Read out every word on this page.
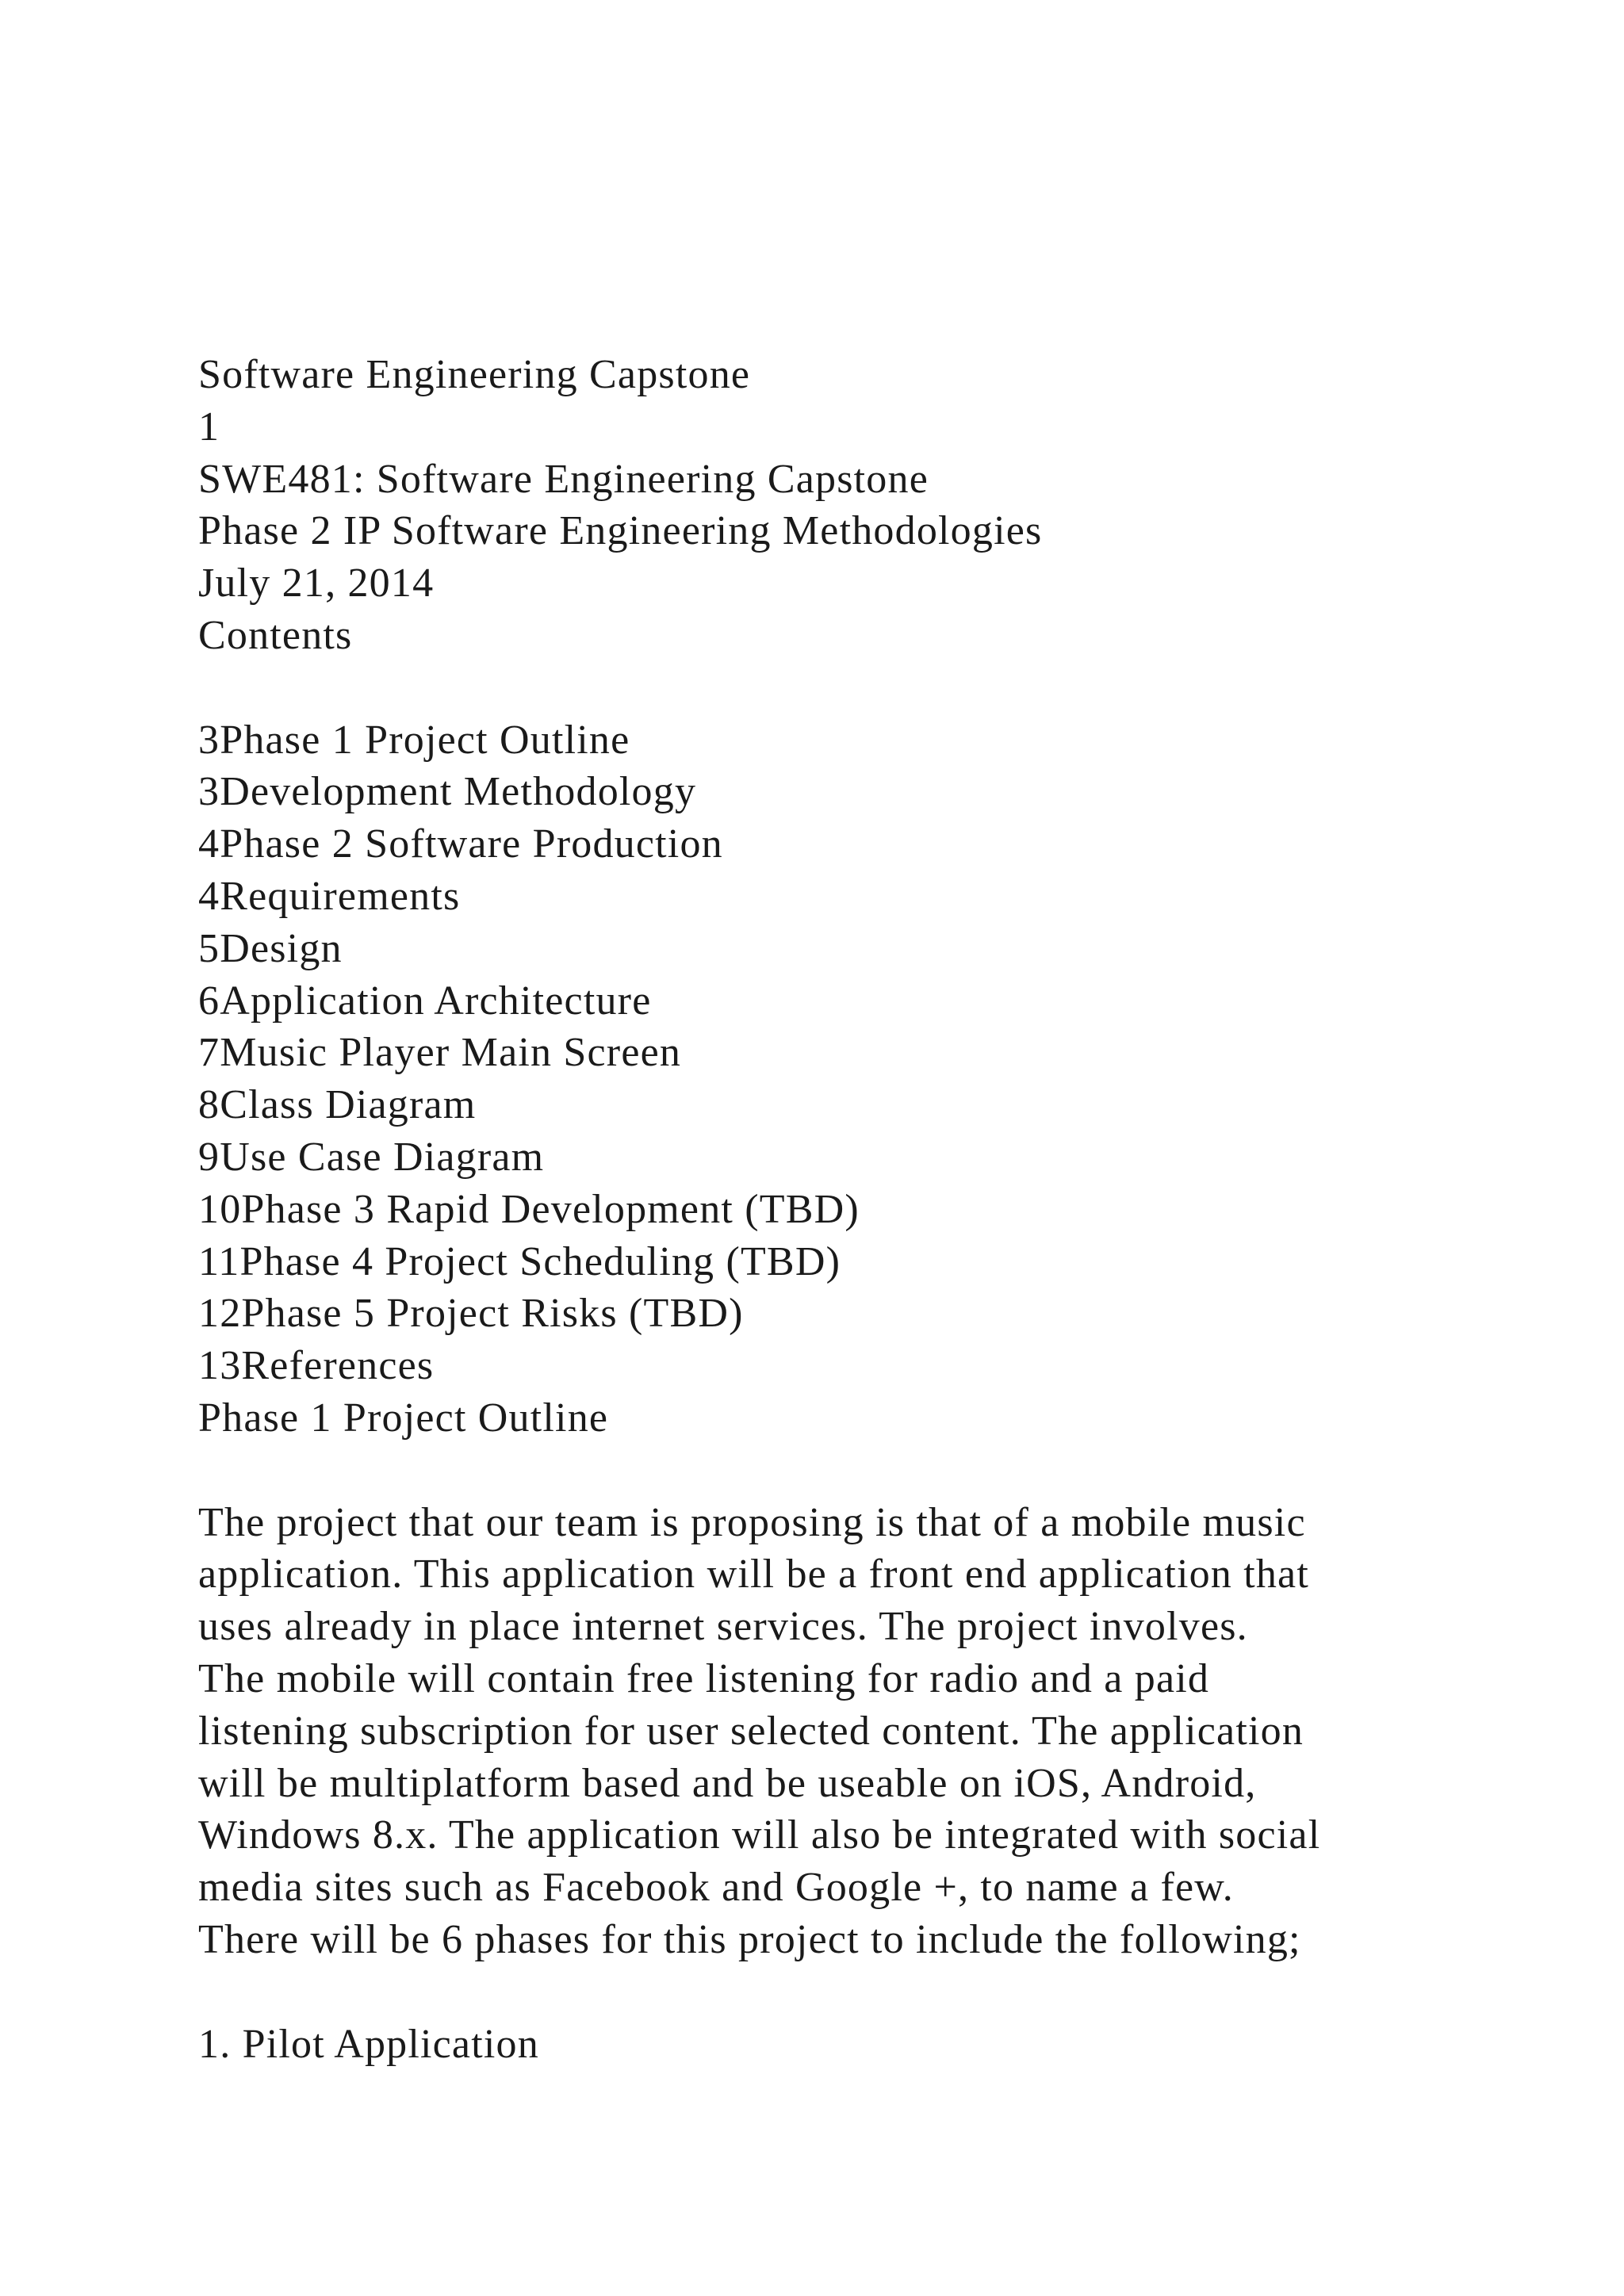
Software Engineering Capstone
1
SWE481: Software Engineering Capstone
Phase 2 IP Software Engineering Methodologies
July 21, 2014
Contents
3Phase 1 Project Outline
3Development Methodology
4Phase 2 Software Production
4Requirements
5Design
6Application Architecture
7Music Player Main Screen
8Class Diagram
9Use Case Diagram
10Phase 3 Rapid Development (TBD)
11Phase 4 Project Scheduling (TBD)
12Phase 5 Project Risks (TBD)
13References
Phase 1 Project Outline
The project that our team is proposing is that of a mobile music
application. This application will be a front end application that
uses already in place internet services. The project involves.
The mobile will contain free listening for radio and a paid
listening subscription for user selected content. The application
will be multiplatform based and be useable on iOS, Android,
Windows 8.x. The application will also be integrated with social
media sites such as Facebook and Google +, to name a few.
There will be 6 phases for this project to include the following;
1. Pilot Application
